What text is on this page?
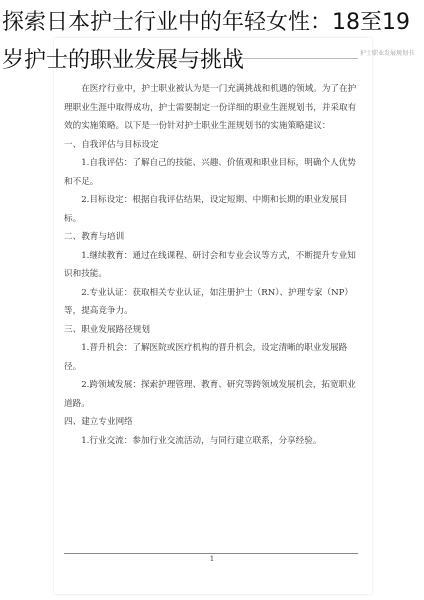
探索日本护士行业中的年轻女性：18至19岁护士的职业发展与挑战	护士职业发展规划书

在医疗行业中，护士职业被认为是一门充满挑战和机遇的领域。为了在护理职业生涯中取得成功，护士需要制定一份详细的职业生涯规划书，并采取有效的实施策略。以下是一份针对护士职业生涯规划书的实施策略建议：

一、自我评估与目标设定

1.自我评估：了解自己的技能、兴趣、价值观和职业目标，明确个人优势和不足。

2.目标设定：根据自我评估结果，设定短期、中期和长期的职业发展目标。

二、教育与培训

1.继续教育：通过在线课程、研讨会和专业会议等方式，不断提升专业知识和技能。

2.专业认证：获取相关专业认证，如注册护士（RN）、护理专家（NP）等，提高竞争力。

三、职业发展路径规划

1.晋升机会：了解医院或医疗机构的晋升机会，设定清晰的职业发展路径。

2.跨领域发展：探索护理管理、教育、研究等跨领域发展机会，拓宽职业道路。

四、建立专业网络

1.行业交流：参加行业交流活动，与同行建立联系，分享经验。

1
